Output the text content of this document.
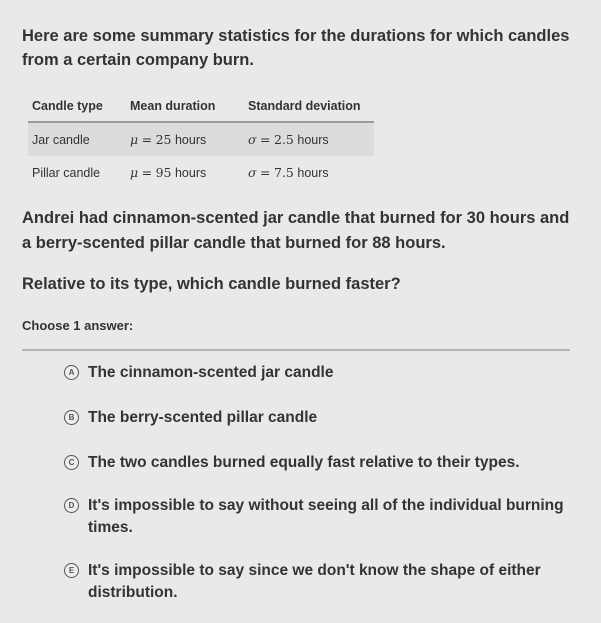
Here are some summary statistics for the durations for which candles from a certain company burn.
Candle type	Mean duration	Standard deviation
Jar candle	μ = 25 hours	σ = 2.5 hours
Pillar candle	μ = 95 hours	σ = 7.5 hours
Andrei had cinnamon-scented jar candle that burned for 30 hours and a berry-scented pillar candle that burned for 88 hours.
Relative to its type, which candle burned faster?
Choose 1 answer:
A The cinnamon-scented jar candle
B The berry-scented pillar candle
C The two candles burned equally fast relative to their types.
D It's impossible to say without seeing all of the individual burning times.
E It's impossible to say since we don't know the shape of either distribution.
